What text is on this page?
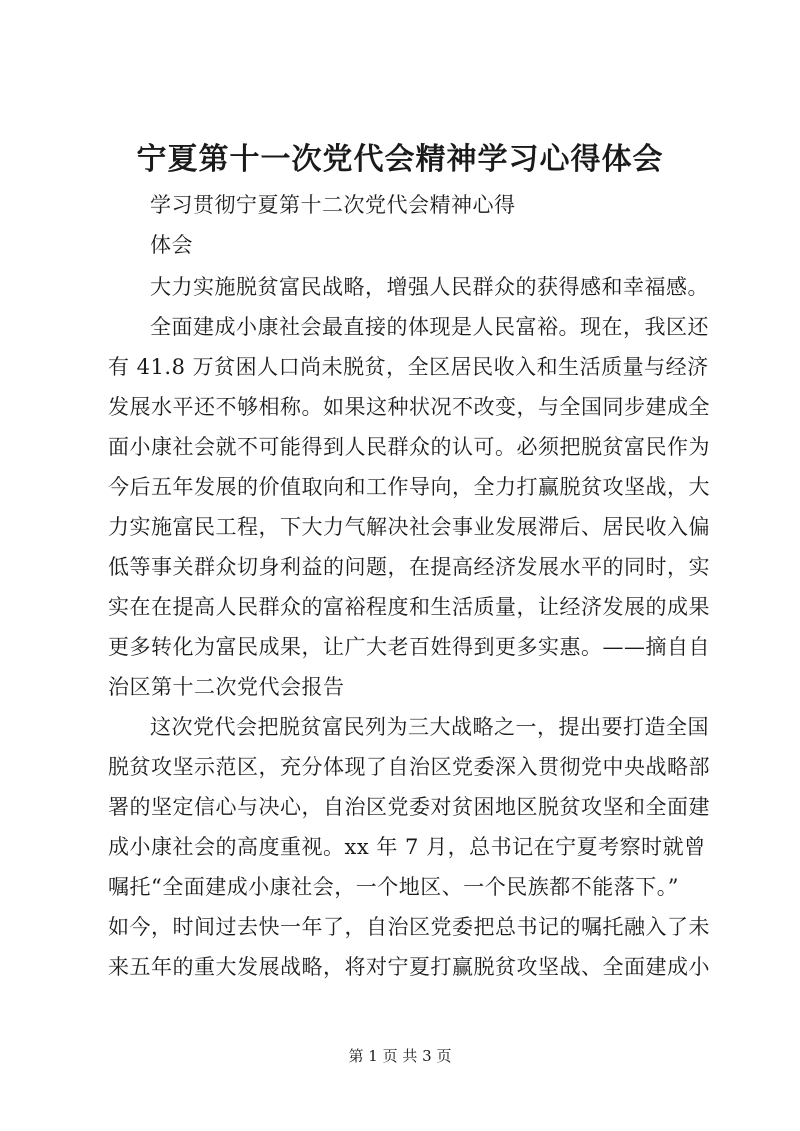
宁夏第十一次党代会精神学习心得体会
学习贯彻宁夏第十二次党代会精神心得
体会
大力实施脱贫富民战略，增强人民群众的获得感和幸福感。
全面建成小康社会最直接的体现是人民富裕。现在，我区还
有 41.8 万贫困人口尚未脱贫，全区居民收入和生活质量与经济
发展水平还不够相称。如果这种状况不改变，与全国同步建成全
面小康社会就不可能得到人民群众的认可。必须把脱贫富民作为
今后五年发展的价值取向和工作导向，全力打赢脱贫攻坚战，大
力实施富民工程，下大力气解决社会事业发展滞后、居民收入偏
低等事关群众切身利益的问题，在提高经济发展水平的同时，实
实在在提高人民群众的富裕程度和生活质量，让经济发展的成果
更多转化为富民成果，让广大老百姓得到更多实惠。——摘自自
治区第十二次党代会报告
这次党代会把脱贫富民列为三大战略之一，提出要打造全国
脱贫攻坚示范区，充分体现了自治区党委深入贯彻党中央战略部
署的坚定信心与决心，自治区党委对贫困地区脱贫攻坚和全面建
成小康社会的高度重视。xx 年 7 月，总书记在宁夏考察时就曾
嘱托“全面建成小康社会，一个地区、一个民族都不能落下。”
如今，时间过去快一年了，自治区党委把总书记的嘱托融入了未
来五年的重大发展战略，将对宁夏打赢脱贫攻坚战、全面建成小
第 1 页 共 3 页
